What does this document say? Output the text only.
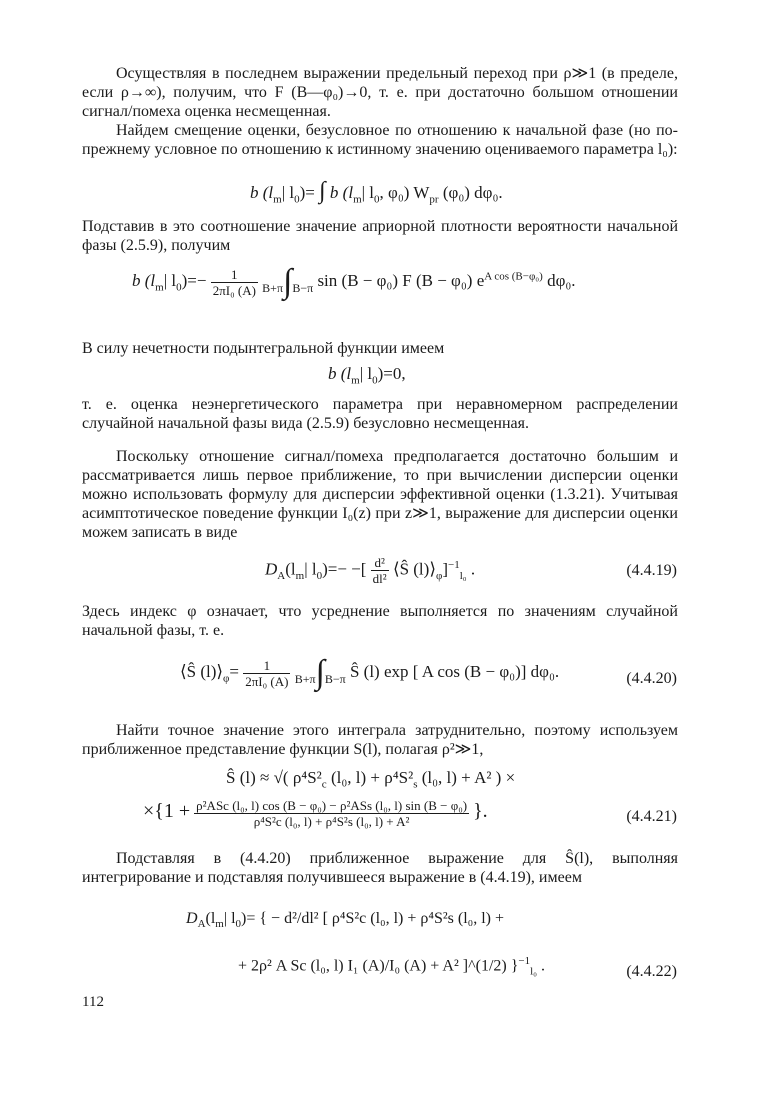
Осуществляя в последнем выражении предельный переход при ρ≫1 (в пределе, если ρ→∞), получим, что F (B—φ₀)→0, т. е. при достаточно большом отношении сигнал/помеха оценка несмещенная.

Найдем смещение оценки, безусловное по отношению к начальной фазе (но по-прежнему условное по отношению к истинному значению оцениваемого параметра l₀):

b ($l_m|$ $l_0)=$ ∫ b ($l_m|$ $l_0$, φ₀) $W_{pr}$ (φ₀) dφ₀.

Подставив в это соотношение значение априорной плотности вероятности начальной фазы (2.5.9), получим

b ($l_m|$ $l_0)=- \frac{1}{\text{2πI₀ (A)}} B+\pi\int B-\pi$ sin (B − φ₀) F (B − φ₀) $e^{A cos (B-\varphi_0)}$ dφ₀.

В силу нечетности подынтегральной функции имеем

b ($l_m|$ $l_0)=0$,

т. е. оценка неэнергетического параметра при неравномерном распределении случайной начальной фазы вида (2.5.9) безусловно несмещенная.

Поскольку отношение сигнал/помеха предполагается достаточно большим и рассматривается лишь первое приближение, то при вычислении дисперсии оценки можно использовать формулу для дисперсии эффективной оценки (1.3.21). Учитывая асимптотическое поведение функции I₀(z) при z≫1, выражение для дисперсии оценки можем записать в виде

$D_A(l_m|$ $l_0)=-$ −[ $\frac{\text{d²}}{\text{dl²}}$ ⟨Ŝ $(l)⟩_\varphi]^{-1}_{l_0}$ .	(4.4.19)

Здесь индекс φ означает, что усреднение выполняется по значениям случайной начальной фазы, т. е.

⟨Ŝ $(l)⟩_\varphi= \frac{1}{\text{2πI₀ (A)}} B+\pi\int B-\pi$ Ŝ (l) exp [ A cos (B − φ₀)] dφ₀.	(4.4.20)

Найти точное значение этого интеграла затруднительно, поэтому используем приближенное представление функции S(l), полагая ρ²≫1,

Ŝ (l) ≈ √( $\rho^4S^2_c$ (l₀, $l) + \rho^4S^2_s$ (l₀, l) + A² ) ×
$\times\{1 + \frac{\text{ρ²ASc (l₀, l) cos (B − φ₀) − ρ²ASs (l₀, l) sin (B − φ₀)}}{\text{ρ⁴S²c (l₀, l) + ρ⁴S²s (l₀, l) + A²}}$ }.	(4.4.21)

Подставляя в (4.4.20) приближенное выражение для Ŝ(l), выполняя интегрирование и подставляя получившееся выражение в (4.4.19), имеем

$D_A(l_m|$ $l_0)=$ { − d²/dl² [ ρ⁴S²c (l₀, l) + ρ⁴S²s (l₀, l) +
+ 2ρ² A Sc (l₀, l) I₁ (A)/I₀ (A) + A² ]^(1/2) }$^{-1}_{l_0}$ .	(4.4.22)
112
